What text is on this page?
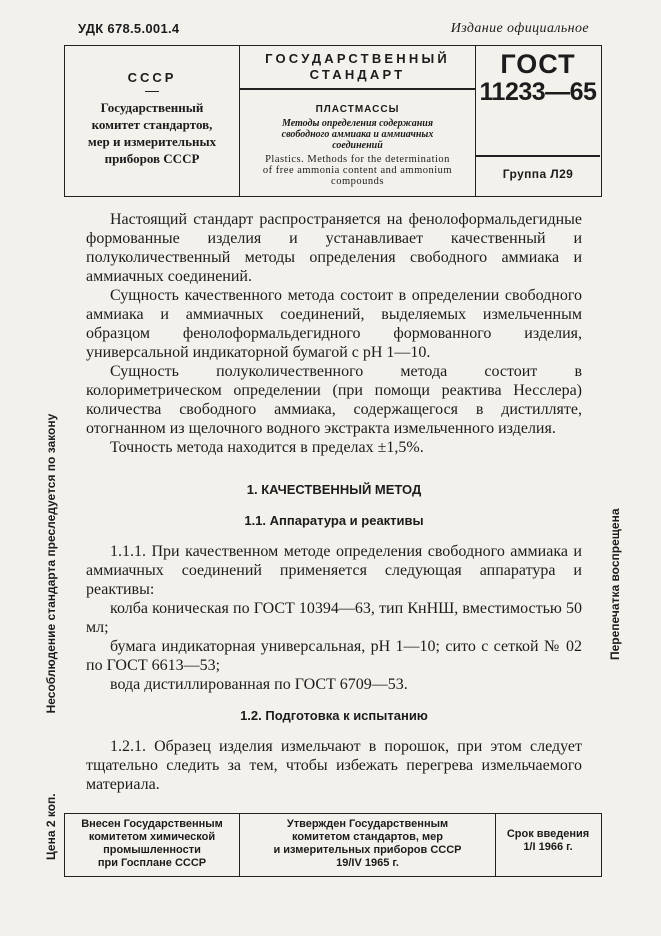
УДК 678.5.001.4	Издание официальное
СССР
Государственный
комитет стандартов,
мер и измерительных
приборов СССР
ГОСУДАРСТВЕННЫЙ
СТАНДАРТ
ПЛАСТМАССЫ
Методы определения содержания
свободного аммиака и аммиачных
соединений
Plastics. Methods for the determination
of free ammonia content and ammonium
compounds
ГОСТ
11233—65
Группа Л29
Цена 2 коп.Несоблюдение стандарта преследуется по закону	Перепечатка воспрещена

Настоящий стандарт распространяется на фенолоформальдегидные формованные изделия и устанавливает качественный и полуколичественный методы определения свободного аммиака и аммиачных соединений.

Сущность качественного метода состоит в определении свободного аммиака и аммиачных соединений, выделяемых измельченным образцом фенолоформальдегидного формованного изделия, универсальной индикаторной бумагой с pH 1—10.

Сущность полуколичественного метода состоит в колориметрическом определении (при помощи реактива Несслера) количества свободного аммиака, содержащегося в дистилляте, отогнанном из щелочного водного экстракта измельченного изделия.

Точность метода находится в пределах ±1,5%.

1. КАЧЕСТВЕННЫЙ МЕТОД

1.1. Аппаратура и реактивы

1.1.1. При качественном методе определения свободного аммиака и аммиачных соединений применяется следующая аппаратура и реактивы:

колба коническая по ГОСТ 10394—63, тип КнНШ, вместимостью 50 мл;

бумага индикаторная универсальная, pH 1—10; сито с сеткой № 02 по ГОСТ 6613—53;

вода дистиллированная по ГОСТ 6709—53.

1.2. Подготовка к испытанию

1.2.1. Образец изделия измельчают в порошок, при этом следует тщательно следить за тем, чтобы избежать перегрева измельчаемого материала.

Внесен Государственным
комитетом химической
промышленности
при Госплане СССР
Утвержден Государственным
комитетом стандартов, мер
и измерительных приборов СССР
19/IV 1965 г.
Срок введения
1/I 1966 г.
